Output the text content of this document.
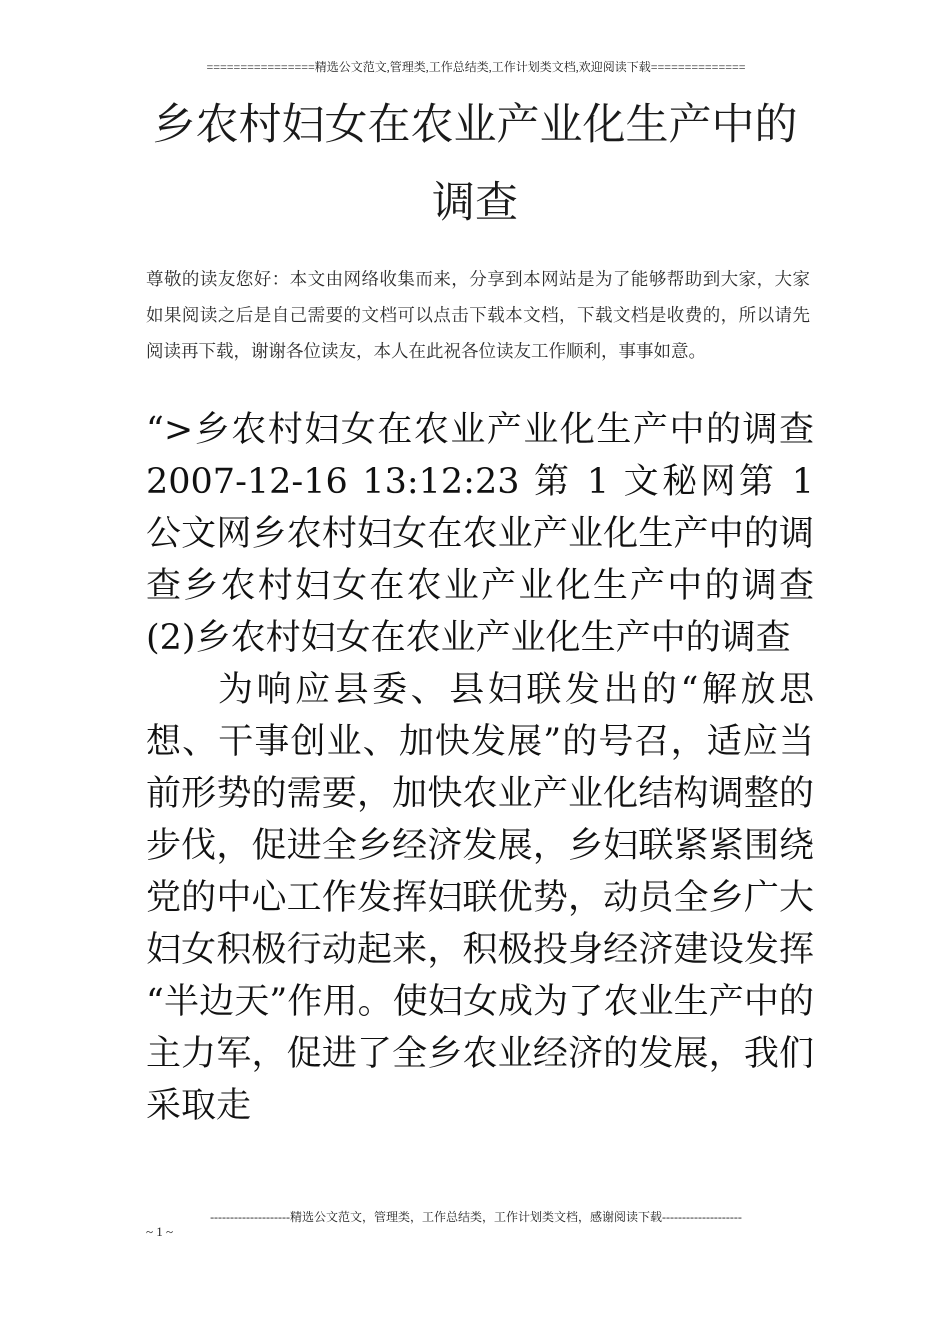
================精选公文范文,管理类,工作总结类,工作计划类文档,欢迎阅读下载==============
乡农村妇女在农业产业化生产中的调查

尊敬的读友您好：本文由网络收集而来，分享到本网站是为了能够帮助到大家，大家如果阅读之后是自己需要的文档可以点击下载本文档，下载文档是收费的，所以请先阅读再下载，谢谢各位读友，本人在此祝各位读友工作顺利，事事如意。

“>乡农村妇女在农业产业化生产中的调查 2007-12-16 13:12:23 第 1 文秘网第 1 公文网乡农村妇女在农业产业化生产中的调查乡农村妇女在农业产业化生产中的调查(2)乡农村妇女在农业产业化生产中的调查

为响应县委、县妇联发出的“解放思想、干事创业、加快发展”的号召，适应当前形势的需要，加快农业产业化结构调整的步伐，促进全乡经济发展，乡妇联紧紧围绕党的中心工作发挥妇联优势，动员全乡广大妇女积极行动起来，积极投身经济建设发挥 “半边天”作用。使妇女成为了农业生产中的主力军，促进了全乡农业经济的发展，我们采取走

--------------------精选公文范文，管理类，工作总结类，工作计划类文档，感谢阅读下载--------------------
~ 1 ~
